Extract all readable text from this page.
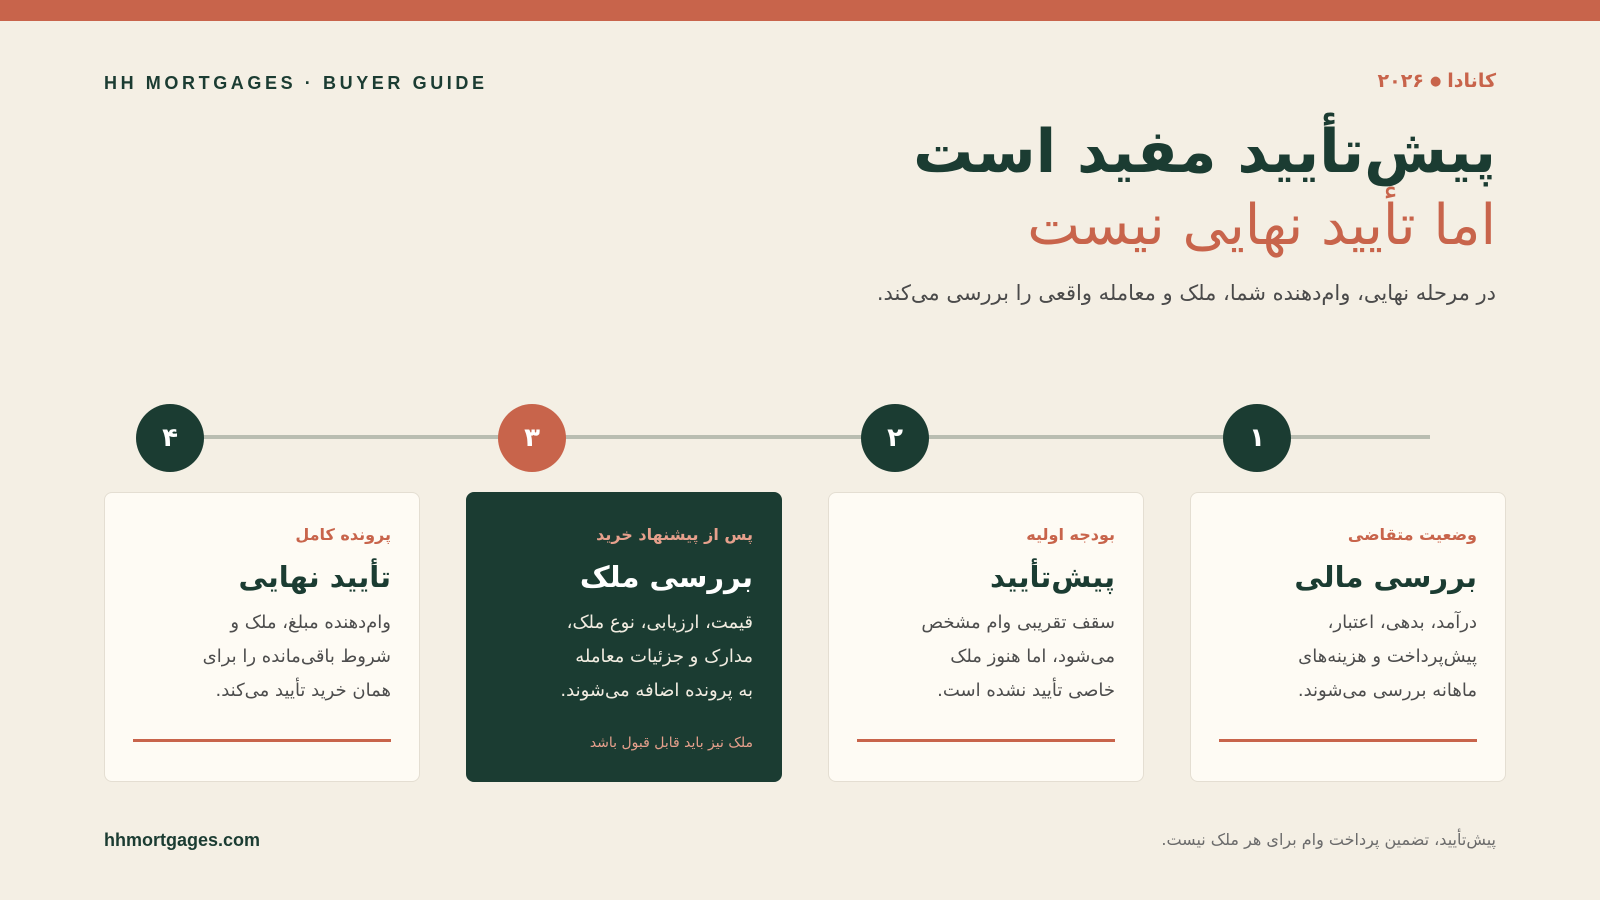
HH MORTGAGES · BUYER GUIDE	کانادا●۲۰۲۶
پیش‌تأیید مفید است
اما تأیید نهایی نیست
.در مرحله نهایی، وام‌دهنده شما، ملک و معامله واقعی را بررسی می‌کند
۱
۲
۳
۴
وضعیت متقاضی
بررسی مالی
،درآمد، بدهی، اعتبار
پیش‌پرداخت و هزینه‌های
.ماهانه بررسی می‌شوند
بودجه اولیه
پیش‌تأیید
سقف تقریبی وام مشخص
می‌شود، اما هنوز ملک
.خاصی تأیید نشده است
پس از پیشنهاد خرید
بررسی ملک
،قیمت، ارزیابی، نوع ملک
مدارک و جزئیات معامله
.به پرونده اضافه می‌شوند
ملک نیز باید قابل قبول باشد
پرونده کامل
تأیید نهایی
وام‌دهنده مبلغ، ملک و
شروط باقی‌مانده را برای
.همان خرید تأیید می‌کند
hhmortgages.com	.پیش‌تأیید، تضمین پرداخت وام برای هر ملک نیست
